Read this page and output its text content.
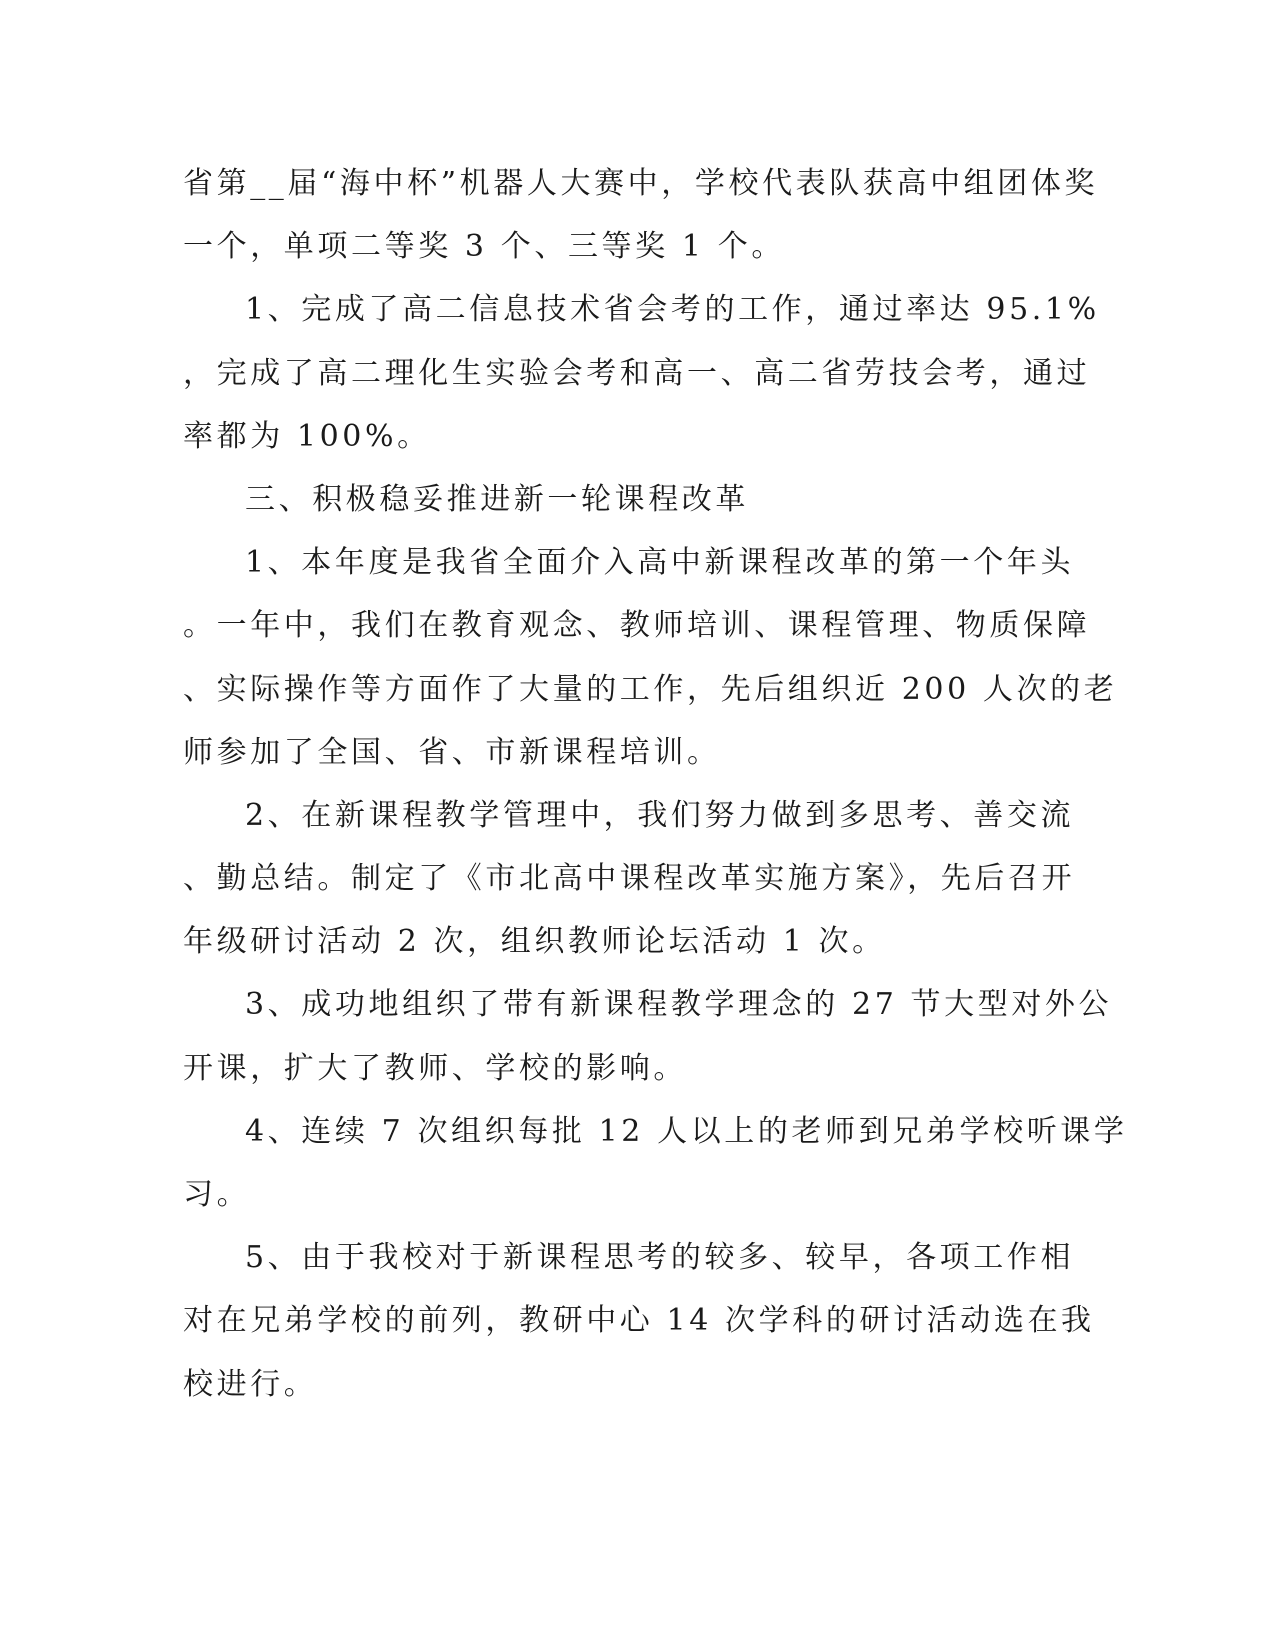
省第__届“海中杯”机器人大赛中，学校代表队获高中组团体奖
一个，单项二等奖 3 个、三等奖 1 个。
1、完成了高二信息技术省会考的工作，通过率达 95.1%
，完成了高二理化生实验会考和高一、高二省劳技会考，通过
率都为 100%。
三、积极稳妥推进新一轮课程改革
1、本年度是我省全面介入高中新课程改革的第一个年头
。一年中，我们在教育观念、教师培训、课程管理、物质保障
、实际操作等方面作了大量的工作，先后组织近 200 人次的老
师参加了全国、省、市新课程培训。
2、在新课程教学管理中，我们努力做到多思考、善交流
、勤总结。制定了《市北高中课程改革实施方案》，先后召开
年级研讨活动 2 次，组织教师论坛活动 1 次。
3、成功地组织了带有新课程教学理念的 27 节大型对外公
开课，扩大了教师、学校的影响。
4、连续 7 次组织每批 12 人以上的老师到兄弟学校听课学
习。
5、由于我校对于新课程思考的较多、较早，各项工作相
对在兄弟学校的前列，教研中心 14 次学科的研讨活动选在我
校进行。
